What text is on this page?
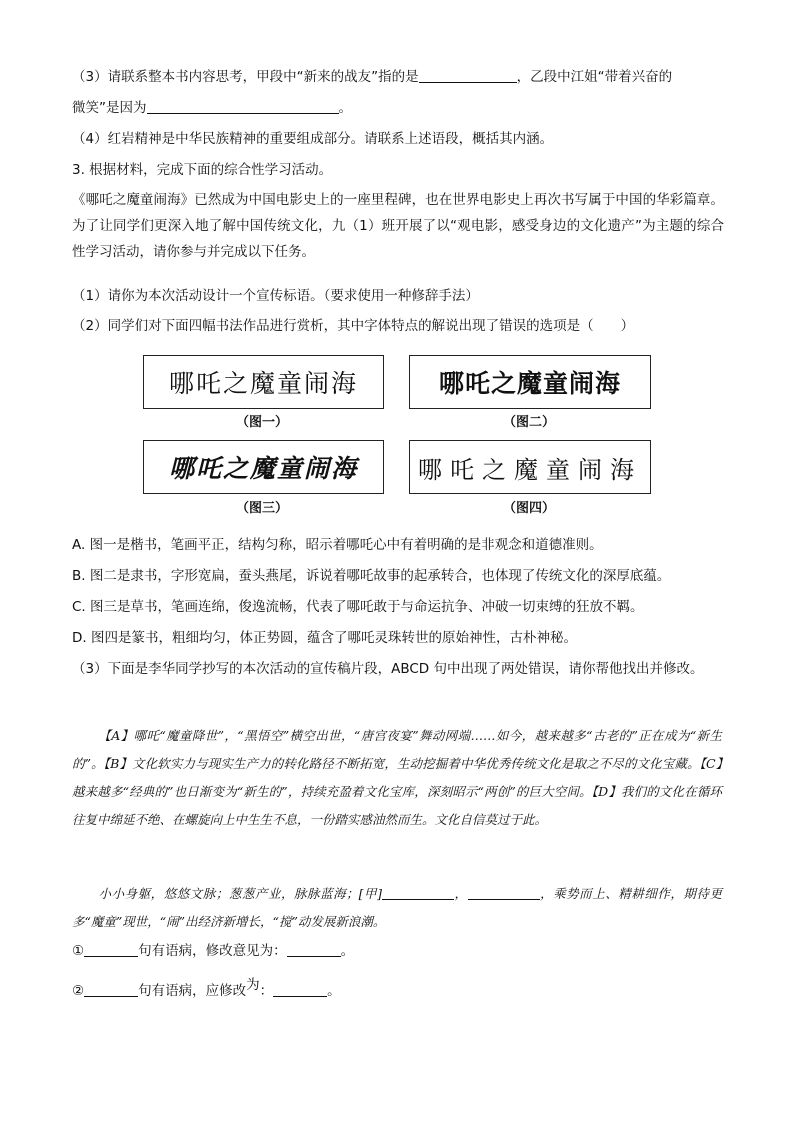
（3）请联系整本书内容思考，甲段中“新来的战友”指的是	，乙段中江姐“带着兴奋的
微笑”是因为	。
（4）红岩精神是中华民族精神的重要组成部分。请联系上述语段，概括其内涵。
3. 根据材料，完成下面的综合性学习活动。
《哪吒之魔童闹海》已然成为中国电影史上的一座里程碑，也在世界电影史上再次书写属于中国的华彩篇章。为了让同学们更深入地了解中国传统文化，九（1）班开展了以“观电影，感受身边的文化遗产”为主题的综合性学习活动，请你参与并完成以下任务。
（1）请你为本次活动设计一个宣传标语。（要求使用一种修辞手法）
（2）同学们对下面四幅书法作品进行赏析，其中字体特点的解说出现了错误的选项是（　　）
哪吒之魔童闹海
（图一）
哪吒之魔童闹海
（图二）
哪吒之魔童闹海
（图三）
哪吒之魔童闹海
（图四）
A. 图一是楷书，笔画平正，结构匀称，昭示着哪吒心中有着明确的是非观念和道德准则。
B. 图二是隶书，字形宽扁，蚕头燕尾，诉说着哪吒故事的起承转合，也体现了传统文化的深厚底蕴。
C. 图三是草书，笔画连绵，俊逸流畅，代表了哪吒敢于与命运抗争、冲破一切束缚的狂放不羁。
D. 图四是篆书，粗细均匀，体正势圆，蕴含了哪吒灵珠转世的原始神性，古朴神秘。
（3）下面是李华同学抄写的本次活动的宣传稿片段，ABCD 句中出现了两处错误，请你帮他找出并修改。
【A】哪吒“魔童降世”，“黑悟空”横空出世，“唐宫夜宴”舞动网端……如今，越来越多“古老的”正在成为“新生的”。【B】文化软实力与现实生产力的转化路径不断拓宽，生动挖掘着中华优秀传统文化是取之不尽的文化宝藏。【C】越来越多“经典的”也日渐变为“新生的”，持续充盈着文化宝库，深刻昭示“两创”的巨大空间。【D】我们的文化在循环往复中绵延不绝、在螺旋向上中生生不息，一份踏实感油然而生。文化自信莫过于此。
小小身躯，悠悠文脉；葱葱产业，脉脉蓝海；[甲]	，	，乘势而上、精耕细作，期待更多“魔童”现世，“闹”出经济新增长，“搅”动发展新浪潮。
①	句有语病，修改意见为：	。
②	句有语病，应修改为：	。
